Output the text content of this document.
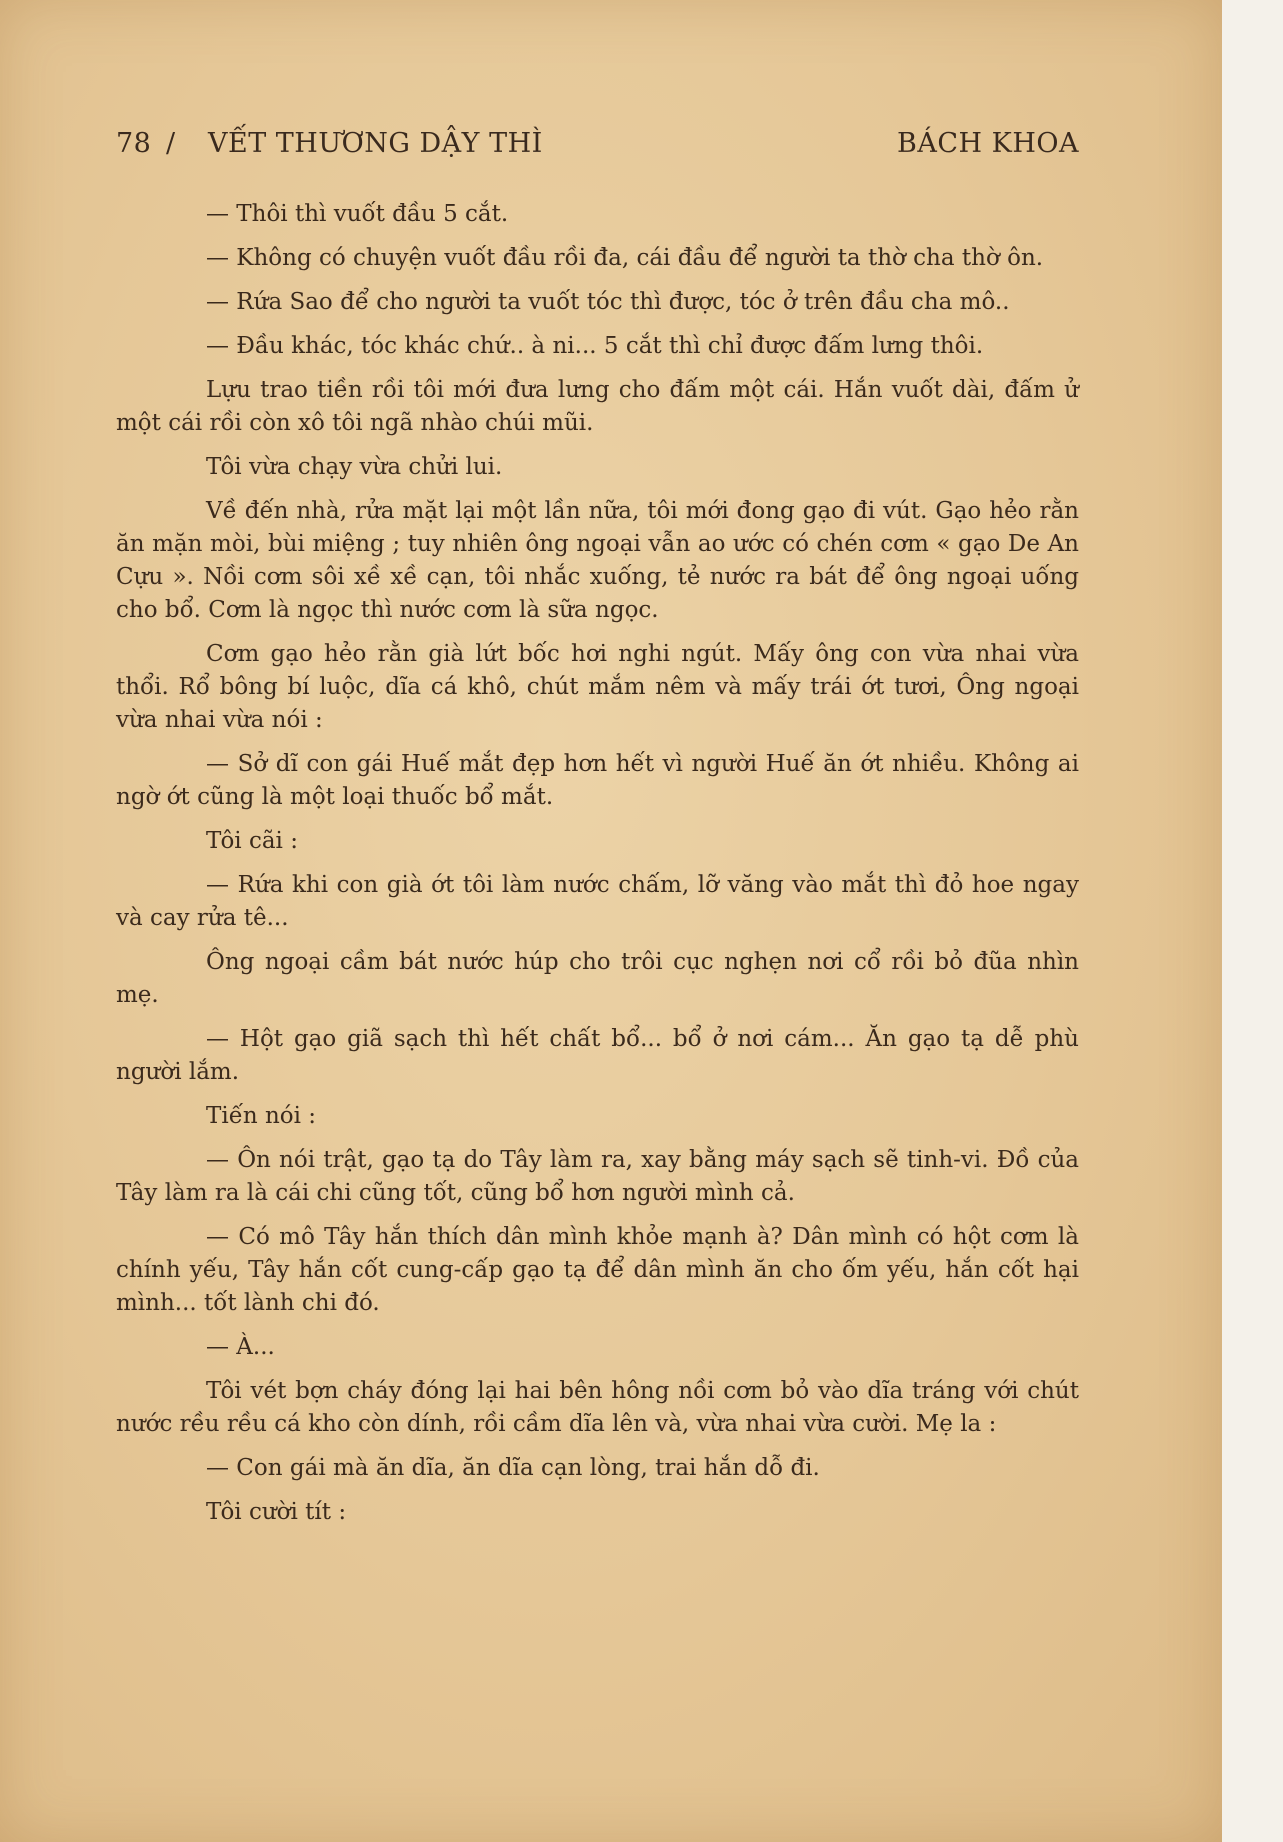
78 / VẾT THƯƠNG DẬY THÌ	BÁCH KHOA

— Thôi thì vuốt đầu 5 cắt.

— Không có chuyện vuốt đầu rồi đa, cái đầu để người ta thờ cha thờ ôn.

— Rứa Sao để cho người ta vuốt tóc thì được, tóc ở trên đầu cha mô..

— Đầu khác, tóc khác chứ.. à ni... 5 cắt thì chỉ được đấm lưng thôi.

Lựu trao tiền rồi tôi mới đưa lưng cho đấm một cái. Hắn vuốt dài, đấm ử một cái rồi còn xô tôi ngã nhào chúi mũi.

Tôi vừa chạy vừa chửi lui.

Về đến nhà, rửa mặt lại một lần nữa, tôi mới đong gạo đi vút. Gạo hẻo rằn ăn mặn mòi, bùi miệng ; tuy nhiên ông ngoại vẫn ao ước có chén cơm « gạo De An Cựu ». Nồi cơm sôi xề xề cạn, tôi nhắc xuống, tẻ nước ra bát để ông ngoại uống cho bổ. Cơm là ngọc thì nước cơm là sữa ngọc.

Cơm gạo hẻo rằn già lứt bốc hơi nghi ngút. Mấy ông con vừa nhai vừa thổi. Rổ bông bí luộc, dĩa cá khô, chút mắm nêm và mấy trái ớt tươi, Ông ngoại vừa nhai vừa nói :

— Sở dĩ con gái Huế mắt đẹp hơn hết vì người Huế ăn ớt nhiều. Không ai ngờ ớt cũng là một loại thuốc bổ mắt.

Tôi cãi :

— Rứa khi con già ớt tôi làm nước chấm, lỡ văng vào mắt thì đỏ hoe ngay và cay rửa tê...

Ông ngoại cầm bát nước húp cho trôi cục nghẹn nơi cổ rồi bỏ đũa nhìn mẹ.

— Hột gạo giã sạch thì hết chất bổ... bổ ở nơi cám... Ăn gạo tạ dễ phù người lắm.

Tiến nói :

— Ôn nói trật, gạo tạ do Tây làm ra, xay bằng máy sạch sẽ tinh-vi. Đồ của Tây làm ra là cái chi cũng tốt, cũng bổ hơn người mình cả.

— Có mô Tây hắn thích dân mình khỏe mạnh à? Dân mình có hột cơm là chính yếu, Tây hắn cốt cung-cấp gạo tạ để dân mình ăn cho ốm yếu, hắn cốt hại mình... tốt lành chi đó.

— À...

Tôi vét bợn cháy đóng lại hai bên hông nồi cơm bỏ vào dĩa tráng với chút nước rều rều cá kho còn dính, rồi cầm dĩa lên và, vừa nhai vừa cười. Mẹ la :

— Con gái mà ăn dĩa, ăn dĩa cạn lòng, trai hắn dỗ đi.

Tôi cười tít :
